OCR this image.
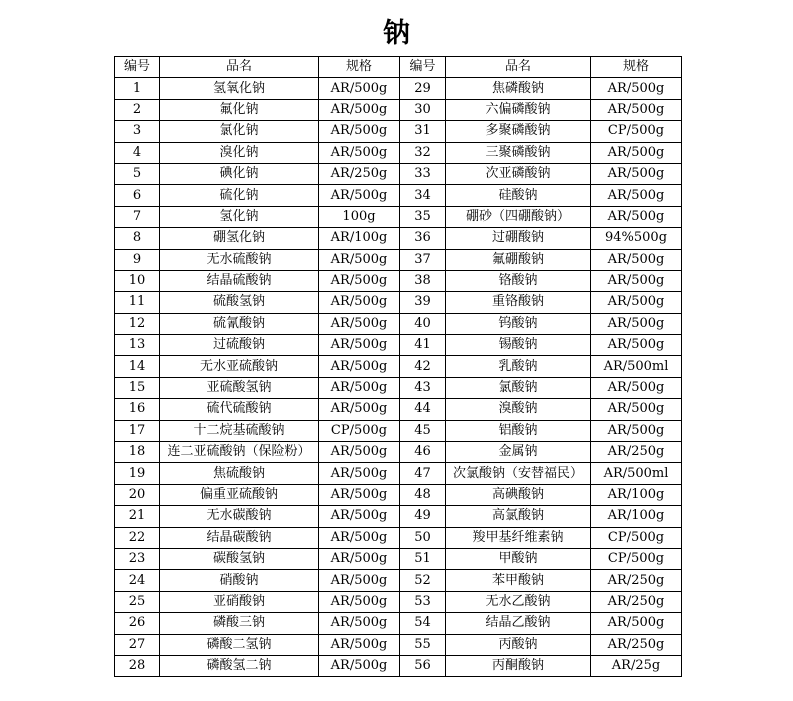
钠
编号	品名	规格	编号	品名	规格
1	氢氧化钠	AR/500g	29	焦磷酸钠	AR/500g
2	氟化钠	AR/500g	30	六偏磷酸钠	AR/500g
3	氯化钠	AR/500g	31	多聚磷酸钠	CP/500g
4	溴化钠	AR/500g	32	三聚磷酸钠	AR/500g
5	碘化钠	AR/250g	33	次亚磷酸钠	AR/500g
6	硫化钠	AR/500g	34	硅酸钠	AR/500g
7	氢化钠	100g	35	硼砂（四硼酸钠）	AR/500g
8	硼氢化钠	AR/100g	36	过硼酸钠	94%500g
9	无水硫酸钠	AR/500g	37	氟硼酸钠	AR/500g
10	结晶硫酸钠	AR/500g	38	铬酸钠	AR/500g
11	硫酸氢钠	AR/500g	39	重铬酸钠	AR/500g
12	硫氰酸钠	AR/500g	40	钨酸钠	AR/500g
13	过硫酸钠	AR/500g	41	锡酸钠	AR/500g
14	无水亚硫酸钠	AR/500g	42	乳酸钠	AR/500ml
15	亚硫酸氢钠	AR/500g	43	氯酸钠	AR/500g
16	硫代硫酸钠	AR/500g	44	溴酸钠	AR/500g
17	十二烷基硫酸钠	CP/500g	45	铝酸钠	AR/500g
18	连二亚硫酸钠（保险粉）	AR/500g	46	金属钠	AR/250g
19	焦硫酸钠	AR/500g	47	次氯酸钠（安替福民）	AR/500ml
20	偏重亚硫酸钠	AR/500g	48	高碘酸钠	AR/100g
21	无水碳酸钠	AR/500g	49	高氯酸钠	AR/100g
22	结晶碳酸钠	AR/500g	50	羧甲基纤维素钠	CP/500g
23	碳酸氢钠	AR/500g	51	甲酸钠	CP/500g
24	硝酸钠	AR/500g	52	苯甲酸钠	AR/250g
25	亚硝酸钠	AR/500g	53	无水乙酸钠	AR/250g
26	磷酸三钠	AR/500g	54	结晶乙酸钠	AR/500g
27	磷酸二氢钠	AR/500g	55	丙酸钠	AR/250g
28	磷酸氢二钠	AR/500g	56	丙酮酸钠	AR/25g
